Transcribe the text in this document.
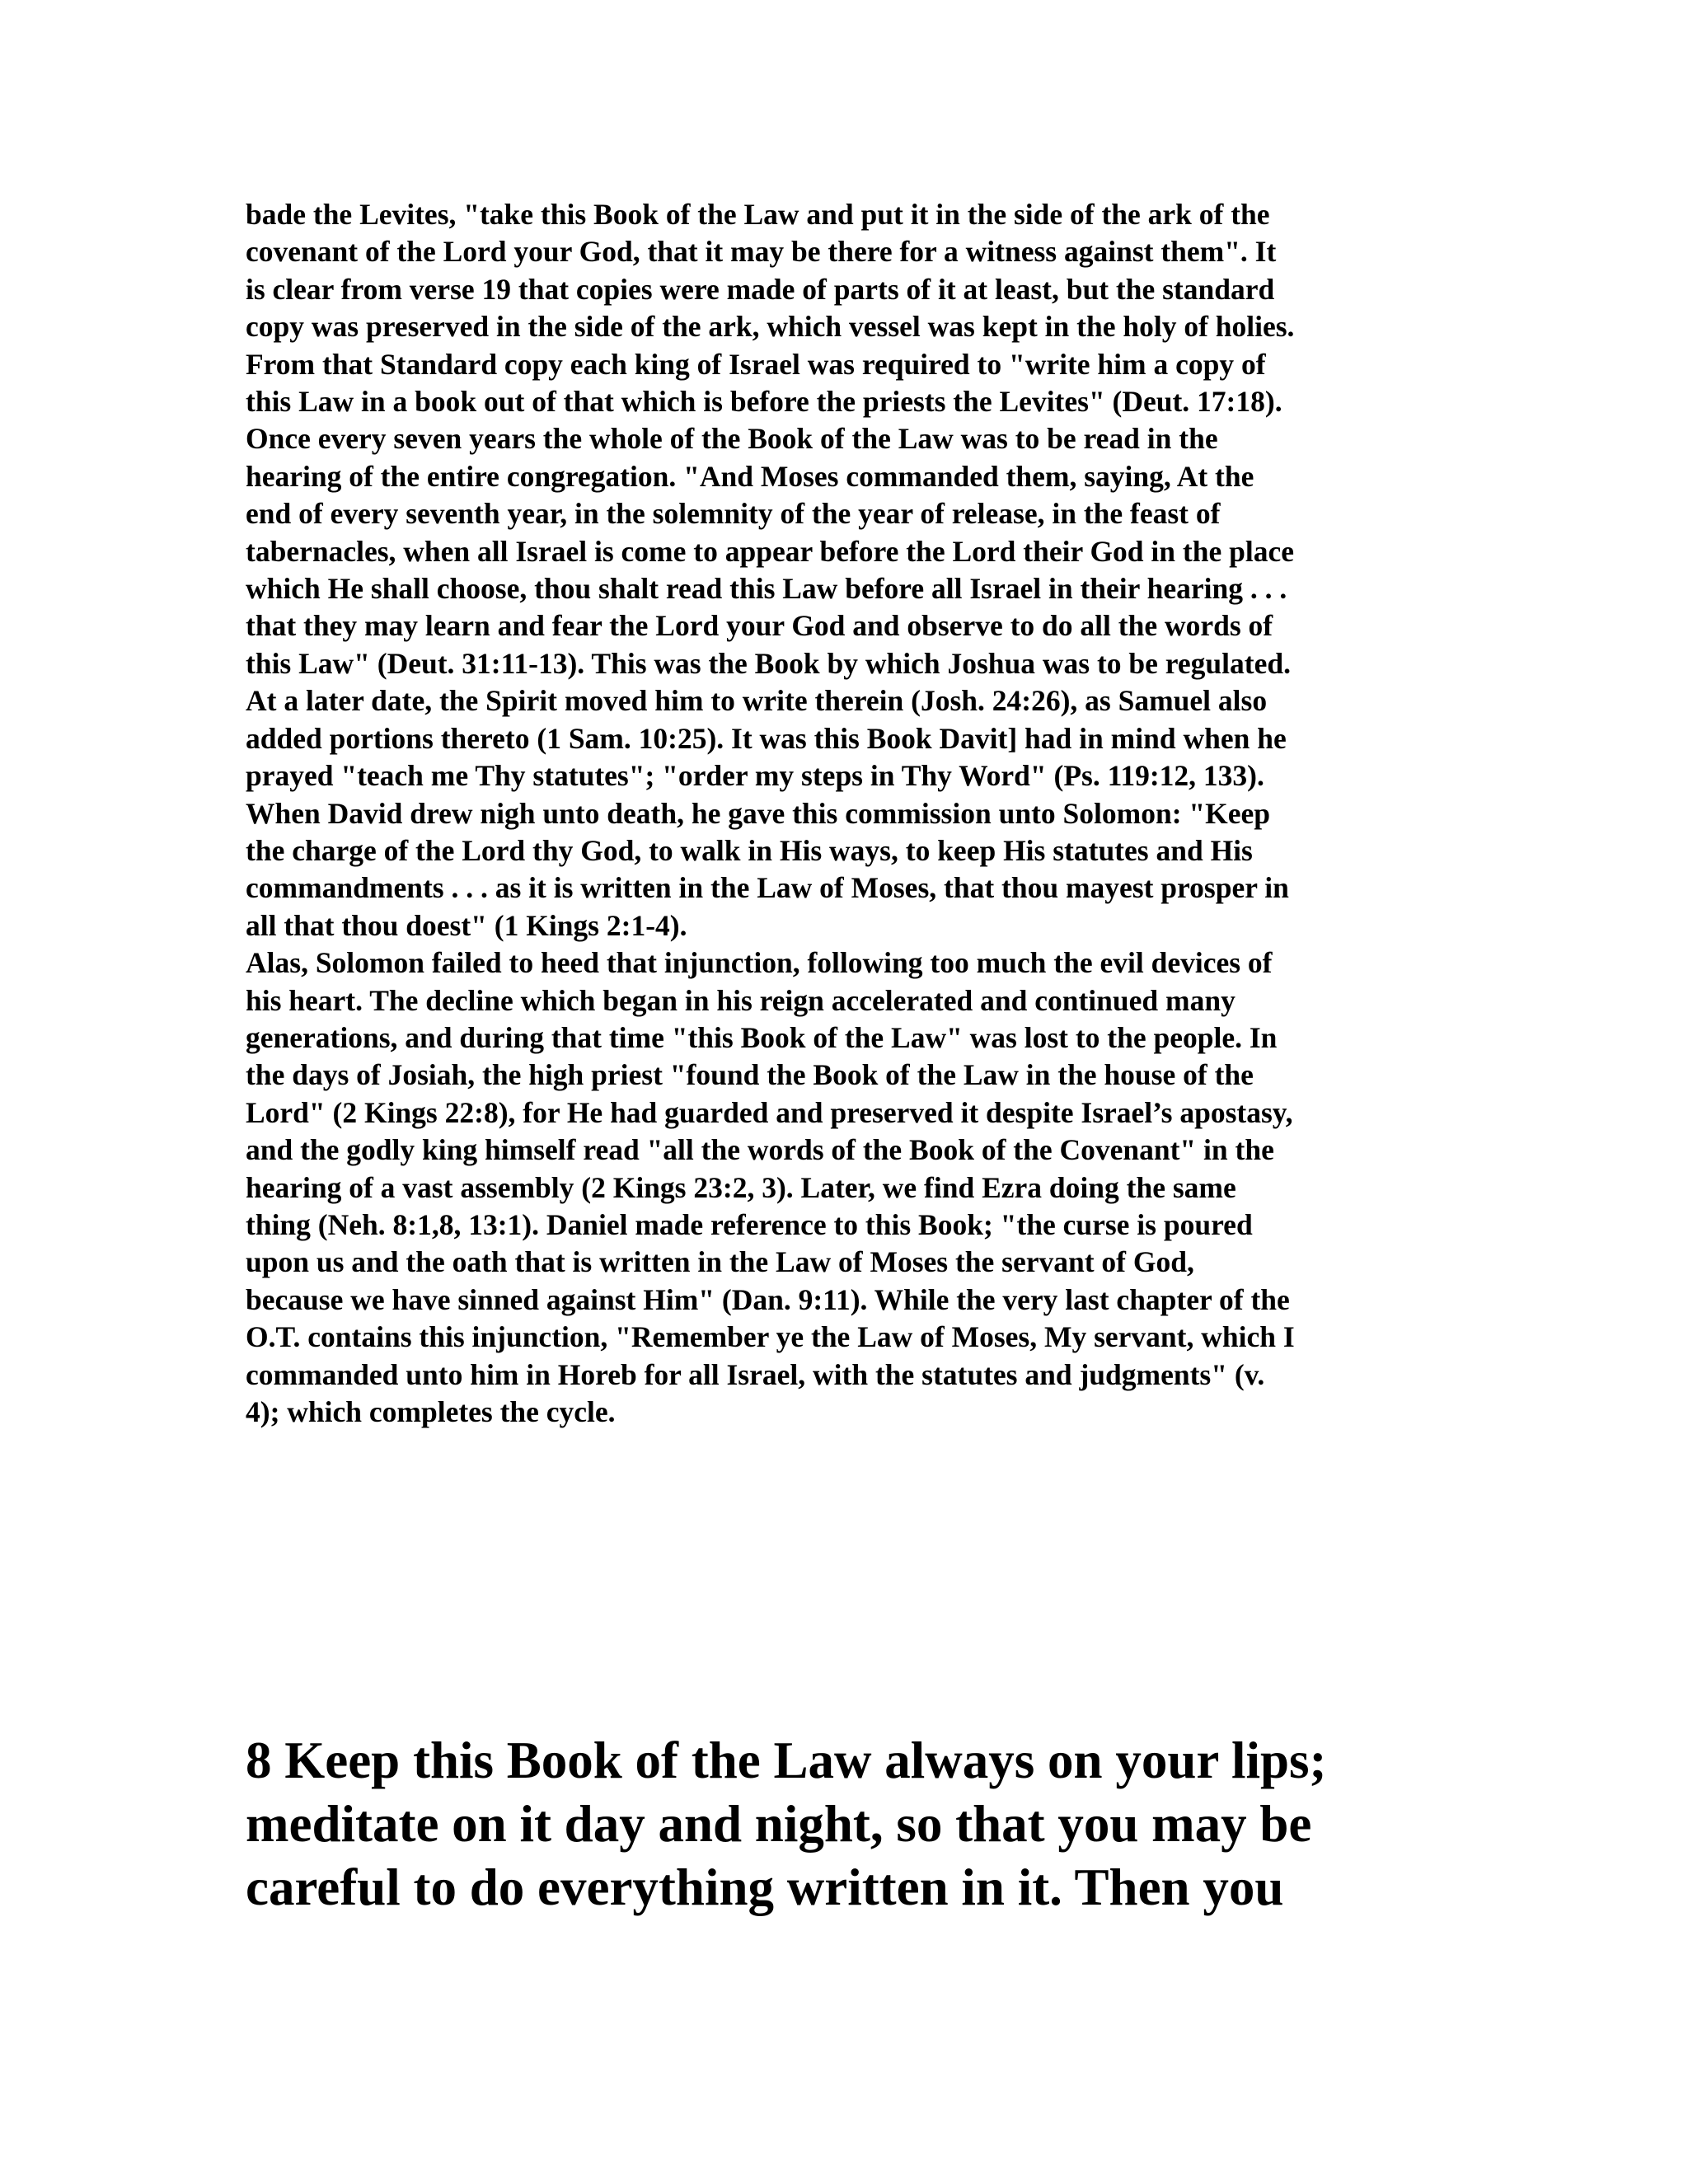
bade the Levites, "take this Book of the Law and put it in the side of the ark of the
covenant of the Lord your God, that it may be there for a witness against them". It
is clear from verse 19 that copies were made of parts of it at least, but the standard
copy was preserved in the side of the ark, which vessel was kept in the holy of holies.
From that Standard copy each king of Israel was required to "write him a copy of
this Law in a book out of that which is before the priests the Levites" (Deut. 17:18).
Once every seven years the whole of the Book of the Law was to be read in the
hearing of the entire congregation. "And Moses commanded them, saying, At the
end of every seventh year, in the solemnity of the year of release, in the feast of
tabernacles, when all Israel is come to appear before the Lord their God in the place
which He shall choose, thou shalt read this Law before all Israel in their hearing . . .
that they may learn and fear the Lord your God and observe to do all the words of
this Law" (Deut. 31:11-13). This was the Book by which Joshua was to be regulated.
At a later date, the Spirit moved him to write therein (Josh. 24:26), as Samuel also
added portions thereto (1 Sam. 10:25). It was this Book Davit] had in mind when he
prayed "teach me Thy statutes"; "order my steps in Thy Word" (Ps. 119:12, 133).
When David drew nigh unto death, he gave this commission unto Solomon: "Keep
the charge of the Lord thy God, to walk in His ways, to keep His statutes and His
commandments . . . as it is written in the Law of Moses, that thou mayest prosper in
all that thou doest" (1 Kings 2:1-4).
Alas, Solomon failed to heed that injunction, following too much the evil devices of
his heart. The decline which began in his reign accelerated and continued many
generations, and during that time "this Book of the Law" was lost to the people. In
the days of Josiah, the high priest "found the Book of the Law in the house of the
Lord" (2 Kings 22:8), for He had guarded and preserved it despite Israel’s apostasy,
and the godly king himself read "all the words of the Book of the Covenant" in the
hearing of a vast assembly (2 Kings 23:2, 3). Later, we find Ezra doing the same
thing (Neh. 8:1,8, 13:1). Daniel made reference to this Book; "the curse is poured
upon us and the oath that is written in the Law of Moses the servant of God,
because we have sinned against Him" (Dan. 9:11). While the very last chapter of the
O.T. contains this injunction, "Remember ye the Law of Moses, My servant, which I
commanded unto him in Horeb for all Israel, with the statutes and judgments" (v.
4); which completes the cycle.
8 Keep this Book of the Law always on your lips;
meditate on it day and night, so that you may be
careful to do everything written in it. Then you
